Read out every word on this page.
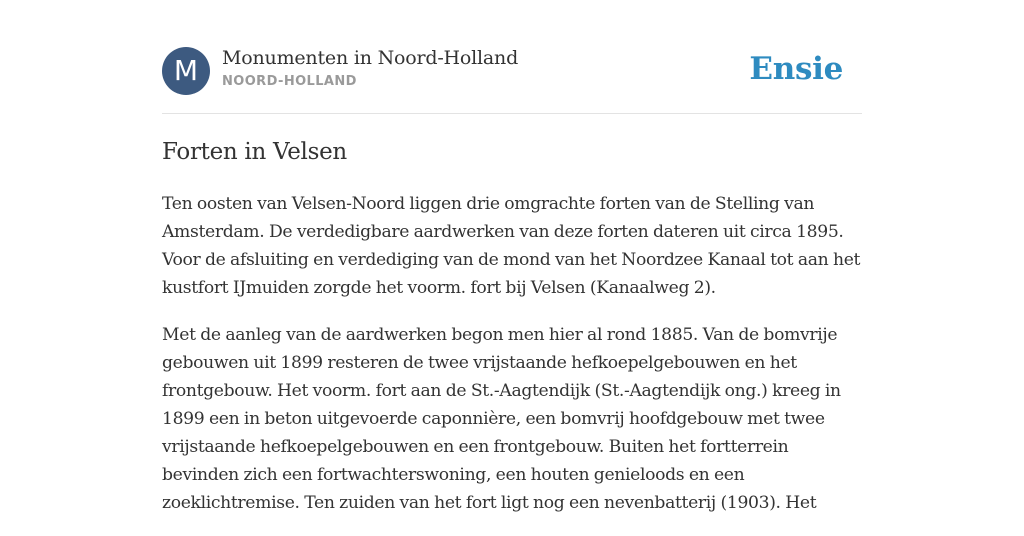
M	Monumenten in Noord-Holland
NOORD-HOLLAND	Ensie
Forten in Velsen

Ten oosten van Velsen-Noord liggen drie omgrachte forten van de Stelling van Amsterdam. De verdedigbare aardwerken van deze forten dateren uit circa 1895. Voor de afsluiting en verdediging van de mond van het Noordzee Kanaal tot aan het kustfort IJmuiden zorgde het voorm. fort bij Velsen (Kanaalweg 2).

Met de aanleg van de aardwerken begon men hier al rond 1885. Van de bomvrije gebouwen uit 1899 resteren de twee vrijstaande hefkoepelgebouwen en het frontgebouw. Het voorm. fort aan de St.-Aagtendijk (St.-Aagtendijk ong.) kreeg in 1899 een in beton uitgevoerde caponnière, een bomvrij hoofdgebouw met twee vrijstaande hefkoepelgebouwen en een frontgebouw. Buiten het fortterrein bevinden zich een fortwachterswoning, een houten genieloods en een zoeklichtremise. Ten zuiden van het fort ligt nog een nevenbatterij (1903). Het
